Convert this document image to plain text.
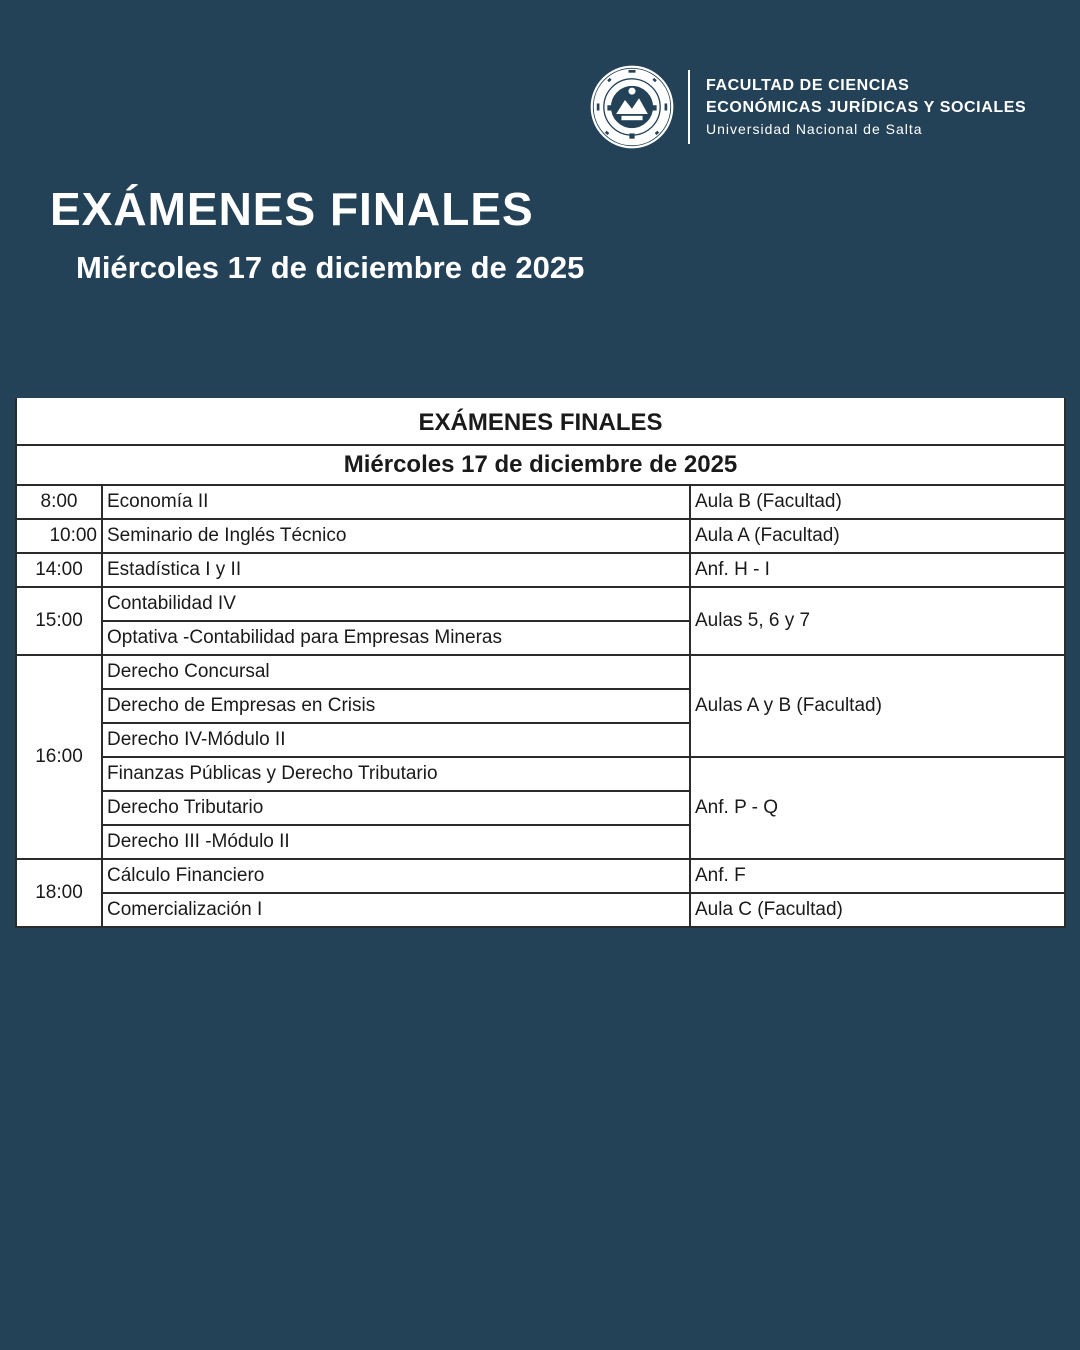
FACULTAD DE CIENCIAS
ECONÓMICAS JURÍDICAS Y SOCIALES
Universidad Nacional de Salta
EXÁMENES FINALES
Miércoles 17 de diciembre de 2025
EXÁMENES FINALES		
Miércoles 17 de diciembre de 2025		
8:00	Economía II	Aula B (Facultad)
10:00	Seminario de Inglés Técnico	Aula A (Facultad)
14:00	Estadística I y II	Anf. H - I
15:00	Contabilidad IV	Aulas 5, 6 y 7
	Optativa -Contabilidad para Empresas Mineras	
16:00	Derecho Concursal	Aulas A y B (Facultad)
	Derecho de Empresas en Crisis	
	Derecho IV-Módulo II	
	Finanzas Públicas y Derecho Tributario	Anf. P - Q
	Derecho Tributario	
	Derecho III -Módulo II	
18:00	Cálculo Financiero	Anf. F
	Comercialización I	Aula C (Facultad)
